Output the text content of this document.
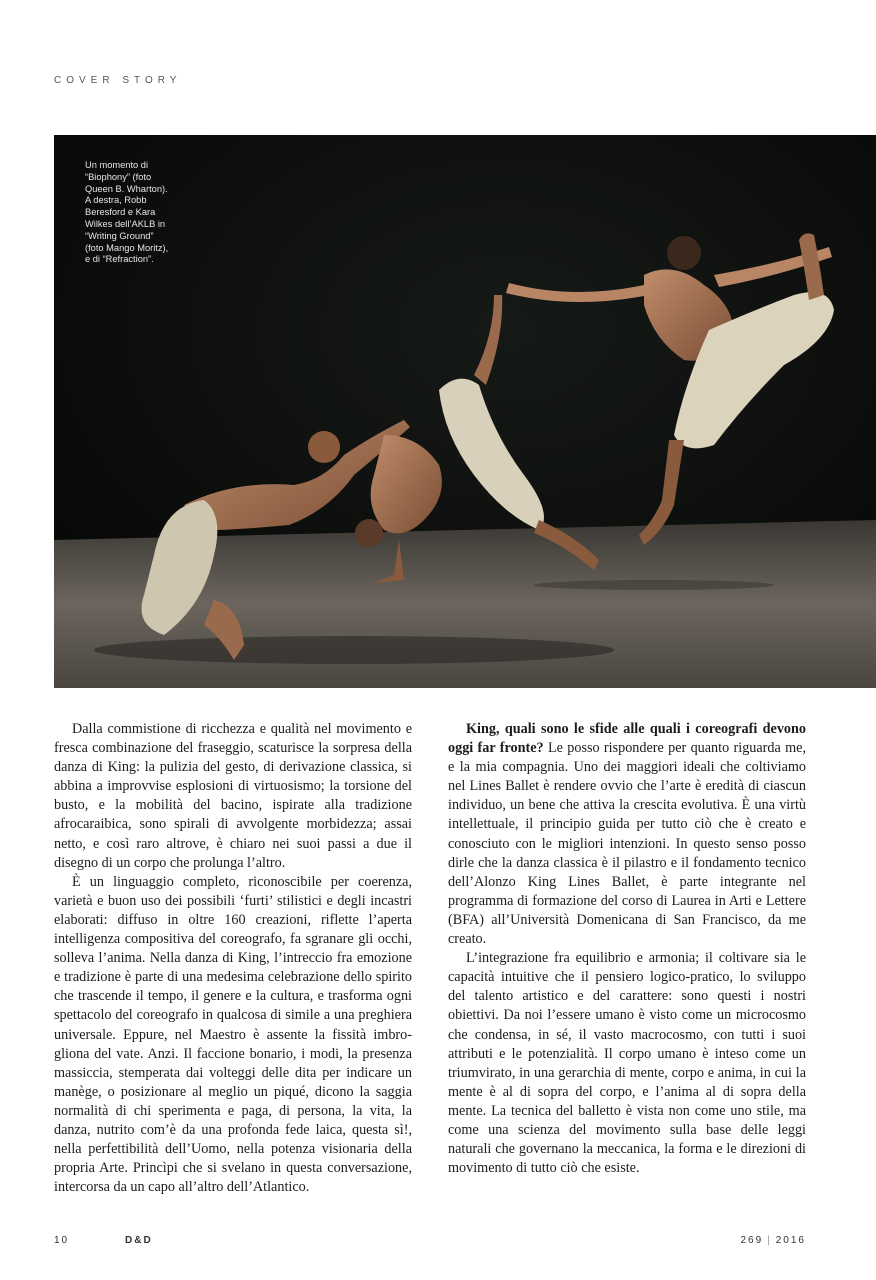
COVER STORY
Un momento di
“Biophony” (foto
Queen B. Wharton).
A destra, Robb
Beresford e Kara
Wilkes dell’AKLB in
“Writing Ground”
(foto Mango Moritz),
e di “Refraction”.

Dalla commistione di ricchezza e qualità nel movimento e fresca combinazione del fraseggio, scaturisce la sorpresa della danza di King: la pulizia del gesto, di derivazione classica, si abbina a improvvise esplosioni di virtuosismo; la torsione del busto, e la mobilità del bacino, ispirate alla tradizione afrocaraibica, sono spirali di avvolgente morbidezza; assai netto, e così raro altrove, è chiaro nei suoi passi a due il disegno di un corpo che prolunga l’altro.

È un linguaggio completo, riconoscibile per coerenza, varietà e buon uso dei possibili ‘furti’ stilistici e degli incastri elaborati: diffuso in oltre 160 creazioni, riflette l’aperta intelligenza compositiva del coreografo, fa sgranare gli occhi, solleva l’anima. Nella danza di King, l’intreccio fra emozione e tradizione è parte di una medesima celebrazione dello spirito che trascende il tempo, il genere e la cultura, e trasforma ogni spettacolo del coreografo in qualcosa di simile a una preghiera universale. Eppure, nel Maestro è assente la fissità imbrogliona del vate. Anzi. Il faccione bonario, i modi, la presenza massiccia, stemperata dai volteggi delle dita per indicare un manège, o posizionare al meglio un piqué, dicono la saggia normalità di chi sperimenta e paga, di persona, la vita, la danza, nutrito com’è da una profonda fede laica, questa sì!, nella perfettibilità dell’Uomo, nella potenza visionaria della propria Arte. Princìpi che si svelano in questa conversazione, intercorsa da un capo all’altro dell’Atlantico.

King, quali sono le sfide alle quali i coreografi devono oggi far fronte? Le posso rispondere per quanto riguarda me, e la mia compagnia. Uno dei maggiori ideali che coltiviamo nel Lines Ballet è rendere ovvio che l’arte è eredità di ciascun individuo, un bene che attiva la crescita evolutiva. È una virtù intellettuale, il principio guida per tutto ciò che è creato e conosciuto con le migliori intenzioni. In questo senso posso dirle che la danza classica è il pilastro e il fondamento tecnico dell’Alonzo King Lines Ballet, è parte integrante nel programma di formazione del corso di Laurea in Arti e Lettere (BFA) all’Università Domenicana di San Francisco, da me creato.

L’integrazione fra equilibrio e armonia; il coltivare sia le capacità intuitive che il pensiero logico-pratico, lo sviluppo del talento artistico e del carattere: sono questi i nostri obiettivi. Da noi l’essere umano è visto come un microcosmo che condensa, in sé, il vasto macrocosmo, con tutti i suoi attributi e le potenzialità. Il corpo umano è inteso come un triumvirato, in una gerarchia di mente, corpo e anima, in cui la mente è al di sopra del corpo, e l’anima al di sopra della mente. La tecnica del balletto è vista non come uno stile, ma come una scienza del movimento sulla base delle leggi naturali che governano la meccanica, la forma e le direzioni di movimento di tutto ciò che esiste.

10	D&D	269 | 2016
